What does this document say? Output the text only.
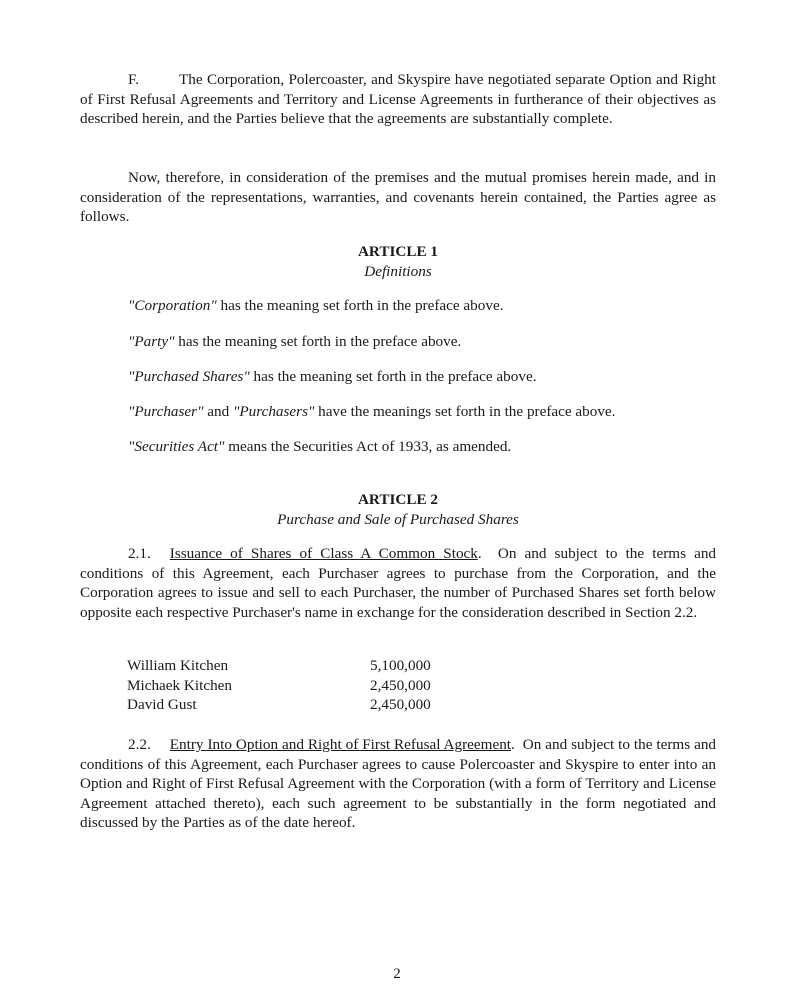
F.	The Corporation, Polercoaster, and Skyspire have negotiated separate Option and Right of First Refusal Agreements and Territory and License Agreements in furtherance of their objectives as described herein, and the Parties believe that the agreements are substantially complete.

Now, therefore, in consideration of the premises and the mutual promises herein made, and in consideration of the representations, warranties, and covenants herein contained, the Parties agree as follows.

ARTICLE 1

Definitions

"Corporation" has the meaning set forth in the preface above.

"Party" has the meaning set forth in the preface above.

"Purchased Shares" has the meaning set forth in the preface above.

"Purchaser" and "Purchasers" have the meanings set forth in the preface above.

"Securities Act" means the Securities Act of 1933, as amended.

ARTICLE 2

Purchase and Sale of Purchased Shares

2.1. Issuance of Shares of Class A Common Stock. On and subject to the terms and conditions of this Agreement, each Purchaser agrees to purchase from the Corporation, and the Corporation agrees to issue and sell to each Purchaser, the number of Purchased Shares set forth below opposite each respective Purchaser's name in exchange for the consideration described in Section 2.2.

William Kitchen	5,100,000
Michaek Kitchen	2,450,000
David Gust	2,450,000

2.2. Entry Into Option and Right of First Refusal Agreement. On and subject to the terms and conditions of this Agreement, each Purchaser agrees to cause Polercoaster and Skyspire to enter into an Option and Right of First Refusal Agreement with the Corporation (with a form of Territory and License Agreement attached thereto), each such agreement to be substantially in the form negotiated and discussed by the Parties as of the date hereof.

2
